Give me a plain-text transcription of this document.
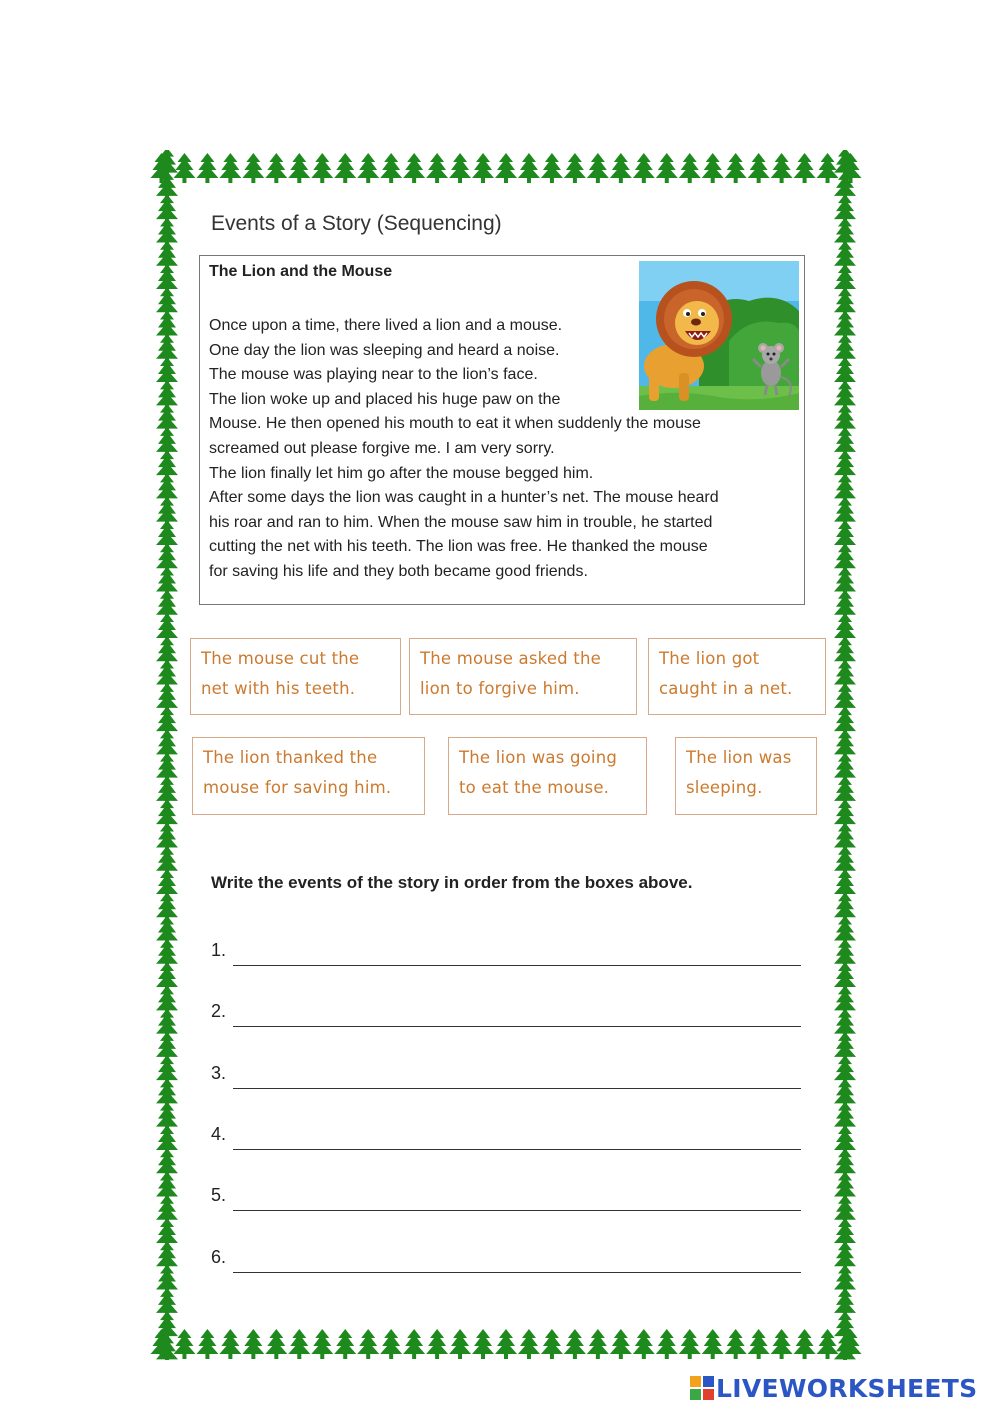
Events of a Story (Sequencing)
The Lion and the Mouse
Once upon a time, there lived a lion and a mouse.
One day the lion was sleeping and heard a noise.
The mouse was playing near to the lion’s face.
The lion woke up and placed his huge paw on the
Mouse. He then opened his mouth to eat it when suddenly the mouse
screamed out please forgive me. I am very sorry.
The lion finally let him go after the mouse begged him.
After some days the lion was caught in a hunter’s net. The mouse heard
his roar and ran to him. When the mouse saw him in trouble, he started
cutting the net with his teeth. The lion was free. He thanked the mouse
for saving his life and they both became good friends.
The mouse cut the
net with his teeth.
The mouse asked the
lion to forgive him.
The lion got
caught in a net.
The lion thanked the
mouse for saving him.
The lion was going
to eat the mouse.
The lion was
sleeping.
Write the events of the story in order from the boxes above.
1.
2.
3.
4.
5.
6.
LIVEWORKSHEETS
